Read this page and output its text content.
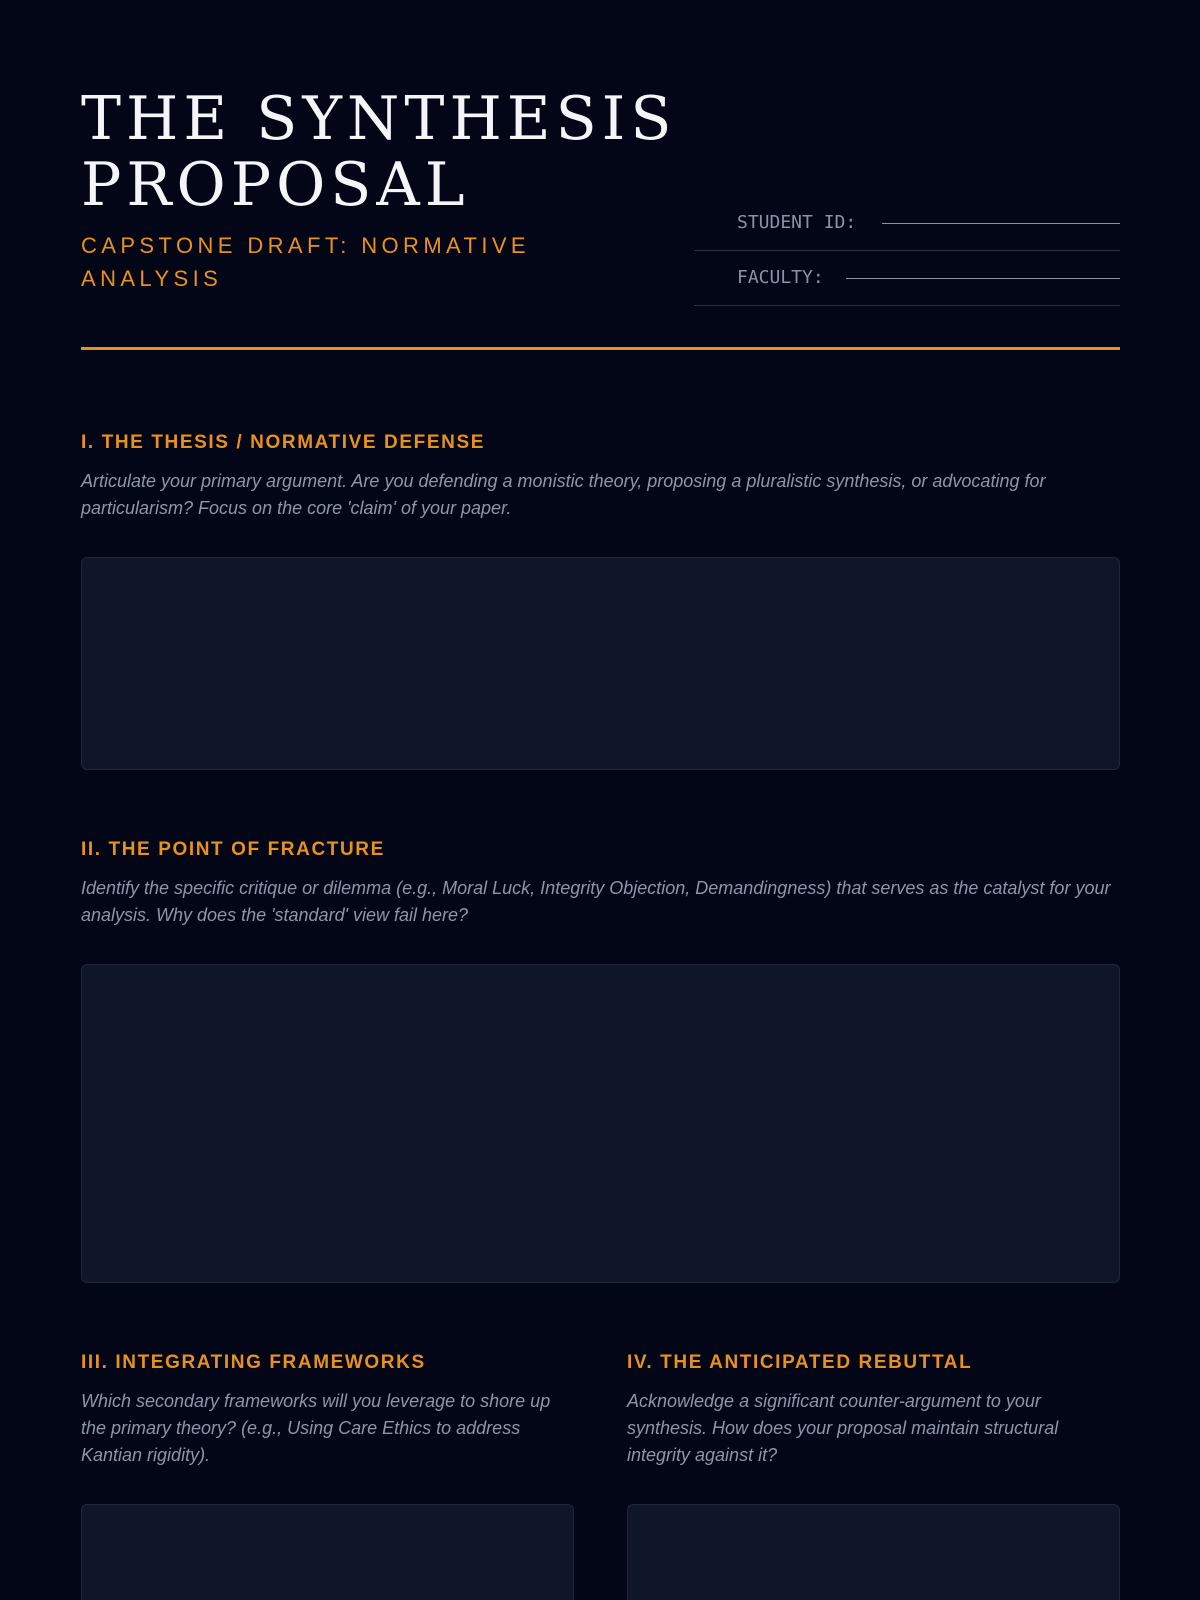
THE SYNTHESIS PROPOSAL
CAPSTONE DRAFT: NORMATIVE ANALYSIS
STUDENT ID:
FACULTY:
I. THE THESIS / NORMATIVE DEFENSE

Articulate your primary argument. Are you defending a monistic theory, proposing a pluralistic synthesis, or advocating for particularism? Focus on the core 'claim' of your paper.

II. THE POINT OF FRACTURE

Identify the specific critique or dilemma (e.g., Moral Luck, Integrity Objection, Demandingness) that serves as the catalyst for your analysis. Why does the 'standard' view fail here?

III. INTEGRATING FRAMEWORKS

Which secondary frameworks will you leverage to shore up the primary theory? (e.g., Using Care Ethics to address Kantian rigidity).

IV. THE ANTICIPATED REBUTTAL

Acknowledge a significant counter-argument to your synthesis. How does your proposal maintain structural integrity against it?
